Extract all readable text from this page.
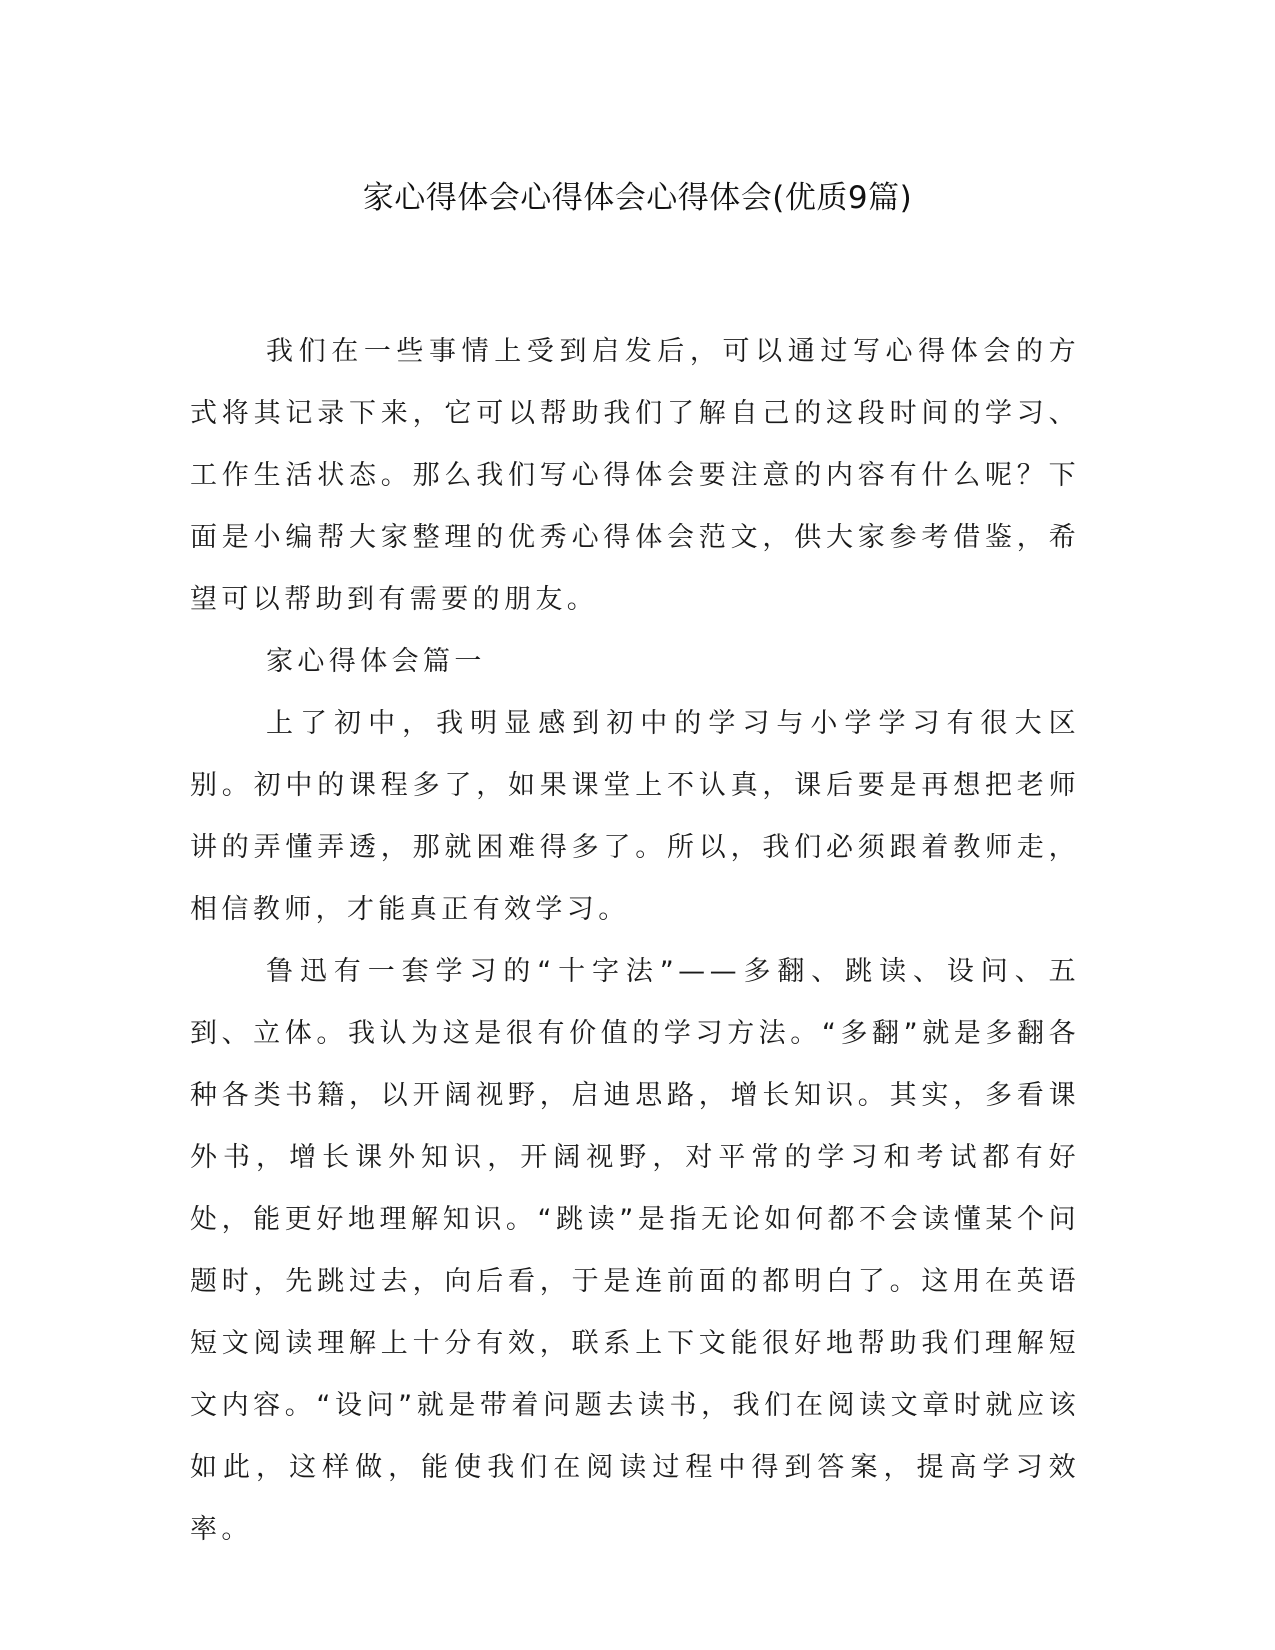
家心得体会心得体会心得体会(优质9篇)

我们在一些事情上受到启发后，可以通过写心得体会的方式将其记录下来，它可以帮助我们了解自己的这段时间的学习、工作生活状态。那么我们写心得体会要注意的内容有什么呢？下面是小编帮大家整理的优秀心得体会范文，供大家参考借鉴，希望可以帮助到有需要的朋友。

家心得体会篇一

上了初中，我明显感到初中的学习与小学学习有很大区别。初中的课程多了，如果课堂上不认真，课后要是再想把老师讲的弄懂弄透，那就困难得多了。所以，我们必须跟着教师走，相信教师，才能真正有效学习。

鲁迅有一套学习的“十字法”——多翻、跳读、设问、五到、立体。我认为这是很有价值的学习方法。“多翻”就是多翻各种各类书籍，以开阔视野，启迪思路，增长知识。其实，多看课外书，增长课外知识，开阔视野，对平常的学习和考试都有好处，能更好地理解知识。“跳读”是指无论如何都不会读懂某个问题时，先跳过去，向后看，于是连前面的都明白了。这用在英语短文阅读理解上十分有效，联系上下文能很好地帮助我们理解短文内容。“设问”就是带着问题去读书，我们在阅读文章时就应该如此，这样做，能使我们在阅读过程中得到答案，提高学习效率。
